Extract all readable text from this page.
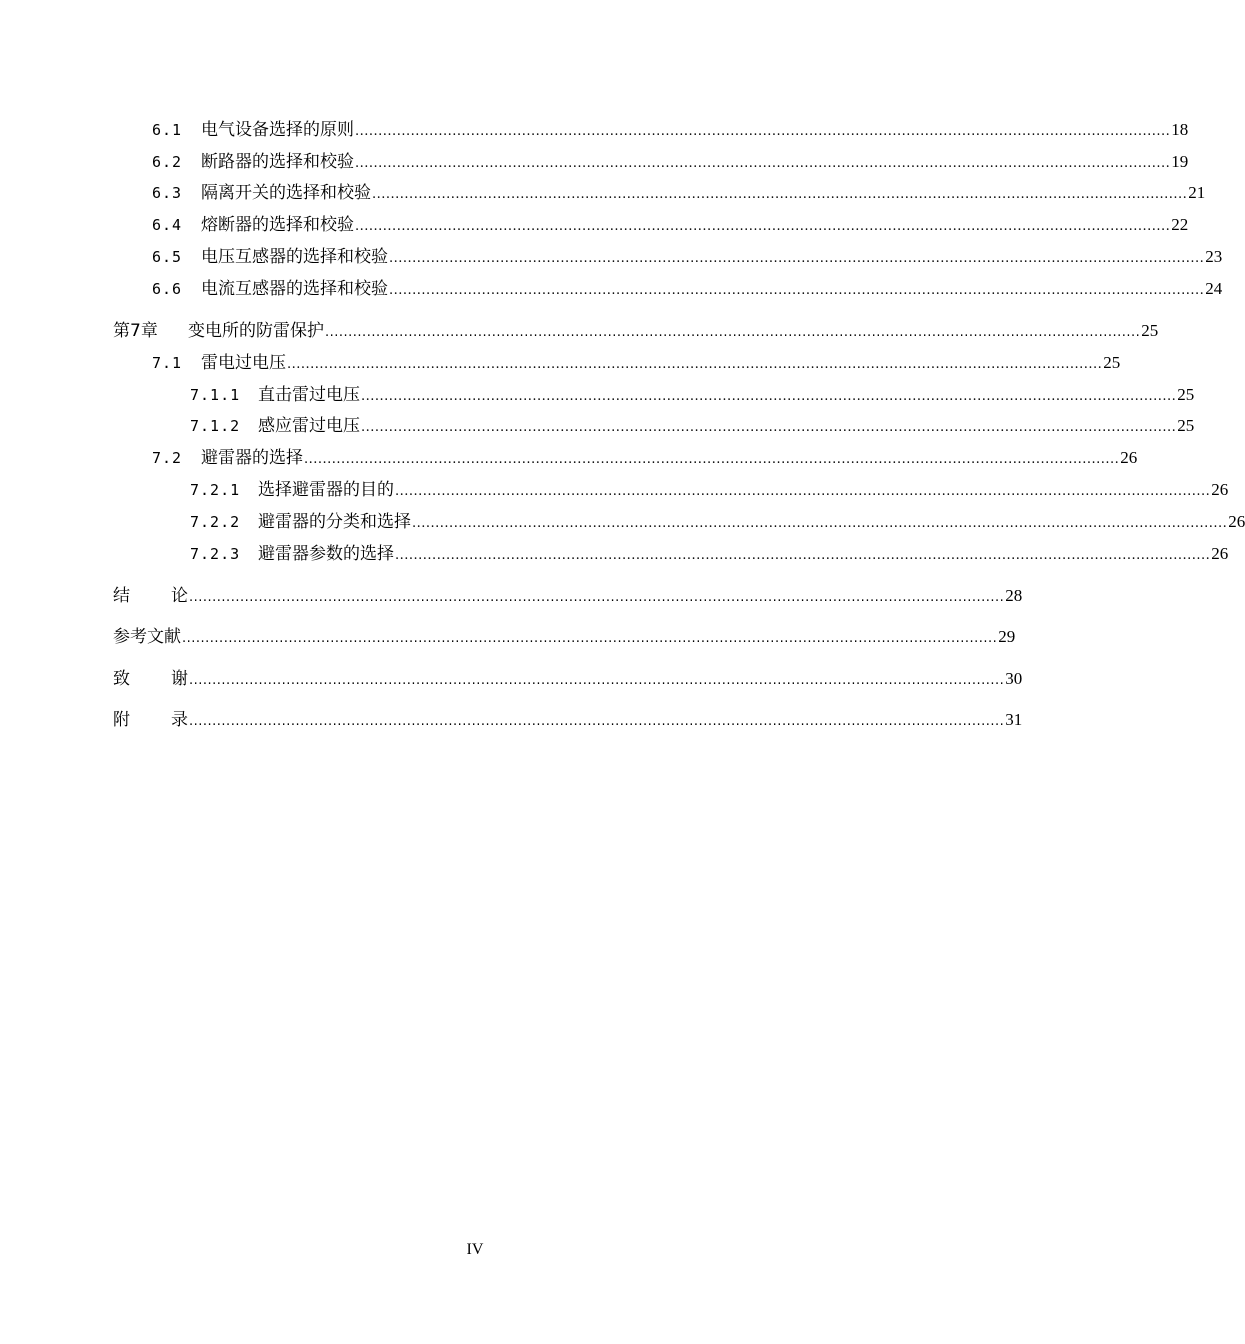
6.1	电气设备选择的原则 ................................................................................................................................................................................ 18
6.2	断路器的选择和校验 ................................................................................................................................................................................ 19
6.3	隔离开关的选择和校验 ................................................................................................................................................................................ 21
6.4	熔断器的选择和校验 ................................................................................................................................................................................ 22
6.5	电压互感器的选择和校验 ................................................................................................................................................................................ 23
6.6	电流互感器的选择和校验 ................................................................................................................................................................................ 24
第7章	变电所的防雷保护 ................................................................................................................................................................................ 25
7.1	雷电过电压 ................................................................................................................................................................................ 25
7.1.1	直击雷过电压 ................................................................................................................................................................................ 25
7.1.2	感应雷过电压 ................................................................................................................................................................................ 25
7.2	避雷器的选择 ................................................................................................................................................................................ 26
7.2.1	选择避雷器的目的 ................................................................................................................................................................................ 26
7.2.2	避雷器的分类和选择 ................................................................................................................................................................................ 26
7.2.3	避雷器参数的选择 ................................................................................................................................................................................ 26
结 论 ................................................................................................................................................................................ 28
参考文献 ................................................................................................................................................................................ 29
致 谢 ................................................................................................................................................................................ 30
附 录 ................................................................................................................................................................................ 31
IV
